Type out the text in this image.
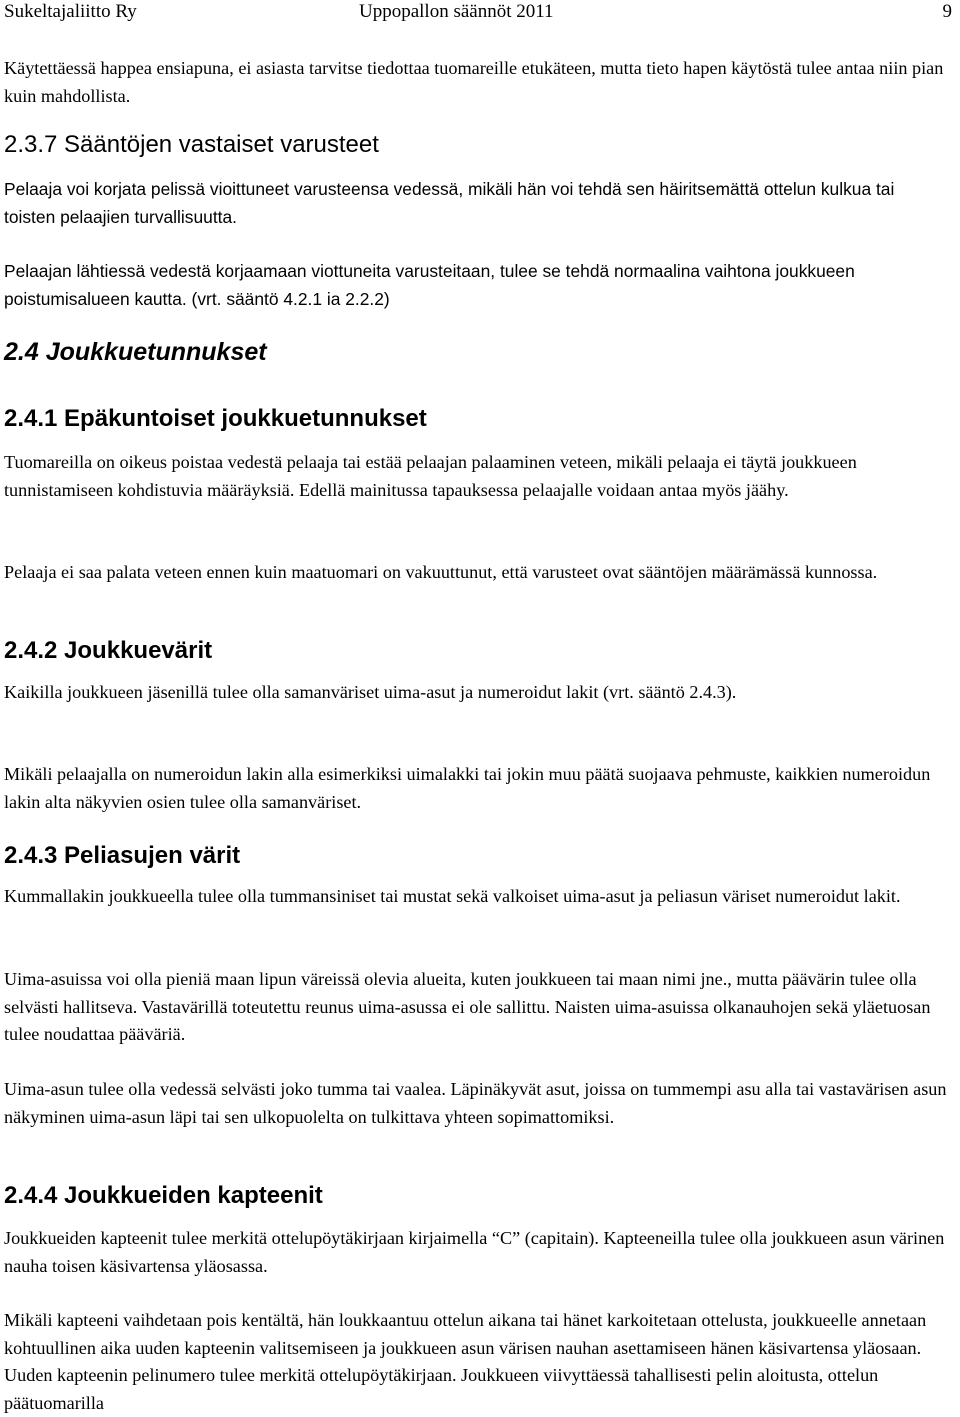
Sukeltajaliitto Ry	Uppopallon säännöt 2011	9

Käytettäessä happea ensiapuna, ei asiasta tarvitse tiedottaa tuomareille etukäteen, mutta tieto hapen käytöstä tulee antaa niin pian kuin mahdollista.

2.3.7 Sääntöjen vastaiset varusteet

Pelaaja voi korjata pelissä vioittuneet varusteensa vedessä, mikäli hän voi tehdä sen häiritsemättä ottelun kulkua tai toisten pelaajien turvallisuutta.

Pelaajan lähtiessä vedestä korjaamaan viottuneita varusteitaan, tulee se tehdä normaalina vaihtona joukkueen poistumisalueen kautta. (vrt. sääntö 4.2.1 ia 2.2.2)

2.4 Joukkuetunnukset
2.4.1 Epäkuntoiset joukkuetunnukset

Tuomareilla on oikeus poistaa vedestä pelaaja tai estää pelaajan palaaminen veteen, mikäli pelaaja ei täytä joukkueen tunnistamiseen kohdistuvia määräyksiä. Edellä mainitussa tapauksessa pelaajalle voidaan antaa myös jäähy.

Pelaaja ei saa palata veteen ennen kuin maatuomari on vakuuttunut, että varusteet ovat sääntöjen määrämässä kunnossa.

2.4.2 Joukkuevärit

Kaikilla joukkueen jäsenillä tulee olla samanväriset uima-asut ja numeroidut lakit (vrt. sääntö 2.4.3).

Mikäli pelaajalla on numeroidun lakin alla esimerkiksi uimalakki tai jokin muu päätä suojaava pehmuste, kaikkien numeroidun lakin alta näkyvien osien tulee olla samanväriset.

2.4.3 Peliasujen värit

Kummallakin joukkueella tulee olla tummansiniset tai mustat sekä valkoiset uima-asut ja peliasun väriset numeroidut lakit.

Uima-asuissa voi olla pieniä maan lipun väreissä olevia alueita, kuten joukkueen tai maan nimi jne., mutta päävärin tulee olla selvästi hallitseva. Vastavärillä toteutettu reunus uima-asussa ei ole sallittu. Naisten uima-asuissa olkanauhojen sekä yläetuosan tulee noudattaa pääväriä.

Uima-asun tulee olla vedessä selvästi joko tumma tai vaalea. Läpinäkyvät asut, joissa on tummempi asu alla tai vastavärisen asun näkyminen uima-asun läpi tai sen ulkopuolelta on tulkittava yhteen sopimattomiksi.

2.4.4 Joukkueiden kapteenit

Joukkueiden kapteenit tulee merkitä ottelupöytäkirjaan kirjaimella “C” (capitain). Kapteeneilla tulee olla joukkueen asun värinen nauha toisen käsivartensa yläosassa.

Mikäli kapteeni vaihdetaan pois kentältä, hän loukkaantuu ottelun aikana tai hänet karkoitetaan ottelusta, joukkueelle annetaan kohtuullinen aika uuden kapteenin valitsemiseen ja joukkueen asun värisen nauhan asettamiseen hänen käsivartensa yläosaan. Uuden kapteenin pelinumero tulee merkitä ottelupöytäkirjaan. Joukkueen viivyttäessä tahallisesti pelin aloitusta, ottelun päätuomarilla
